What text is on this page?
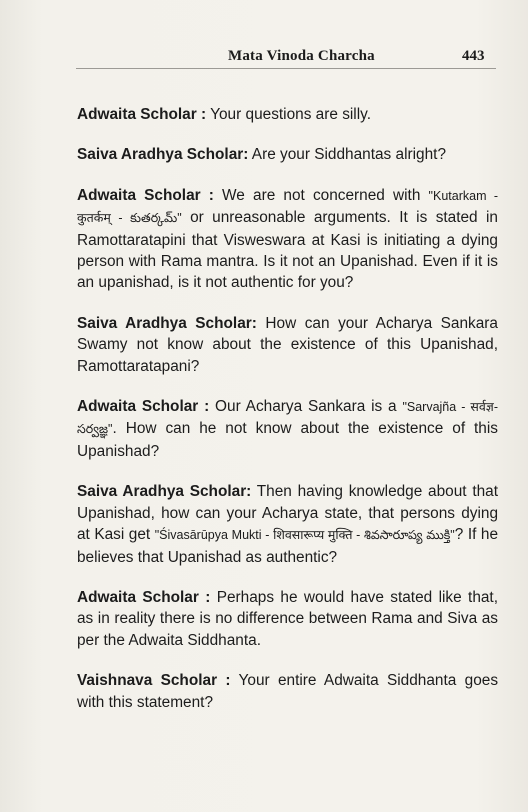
Mata Vinoda Charcha	443

Adwaita Scholar : Your questions are silly.

Saiva Aradhya Scholar: Are your Siddhantas alright?

Adwaita Scholar : We are not concerned with "Kutarkam - कुतर्कम् - కుతర్కమ్" or unreasonable arguments. It is stated in Ramottaratapini that Visweswara at Kasi is initiating a dying person with Rama mantra. Is it not an Upanishad. Even if it is an upanishad, is it not authentic for you?

Saiva Aradhya Scholar: How can your Acharya Sankara Swamy not know about the existence of this Upanishad, Ramottaratapani?

Adwaita Scholar : Our Acharya Sankara is a "Sarvajña - सर्वज्ञ- సర్వజ్ఞ". How can he not know about the existence of this Upanishad?

Saiva Aradhya Scholar: Then having knowledge about that Upanishad, how can your Acharya state, that persons dying at Kasi get "Śivasārūpya Mukti - शिवसारूप्य मुक्ति - శివసారూప్య ముక్తి"? If he believes that Upanishad as authentic?

Adwaita Scholar : Perhaps he would have stated like that, as in reality there is no difference between Rama and Siva as per the Adwaita Siddhanta.

Vaishnava Scholar : Your entire Adwaita Siddhanta goes with this statement?
